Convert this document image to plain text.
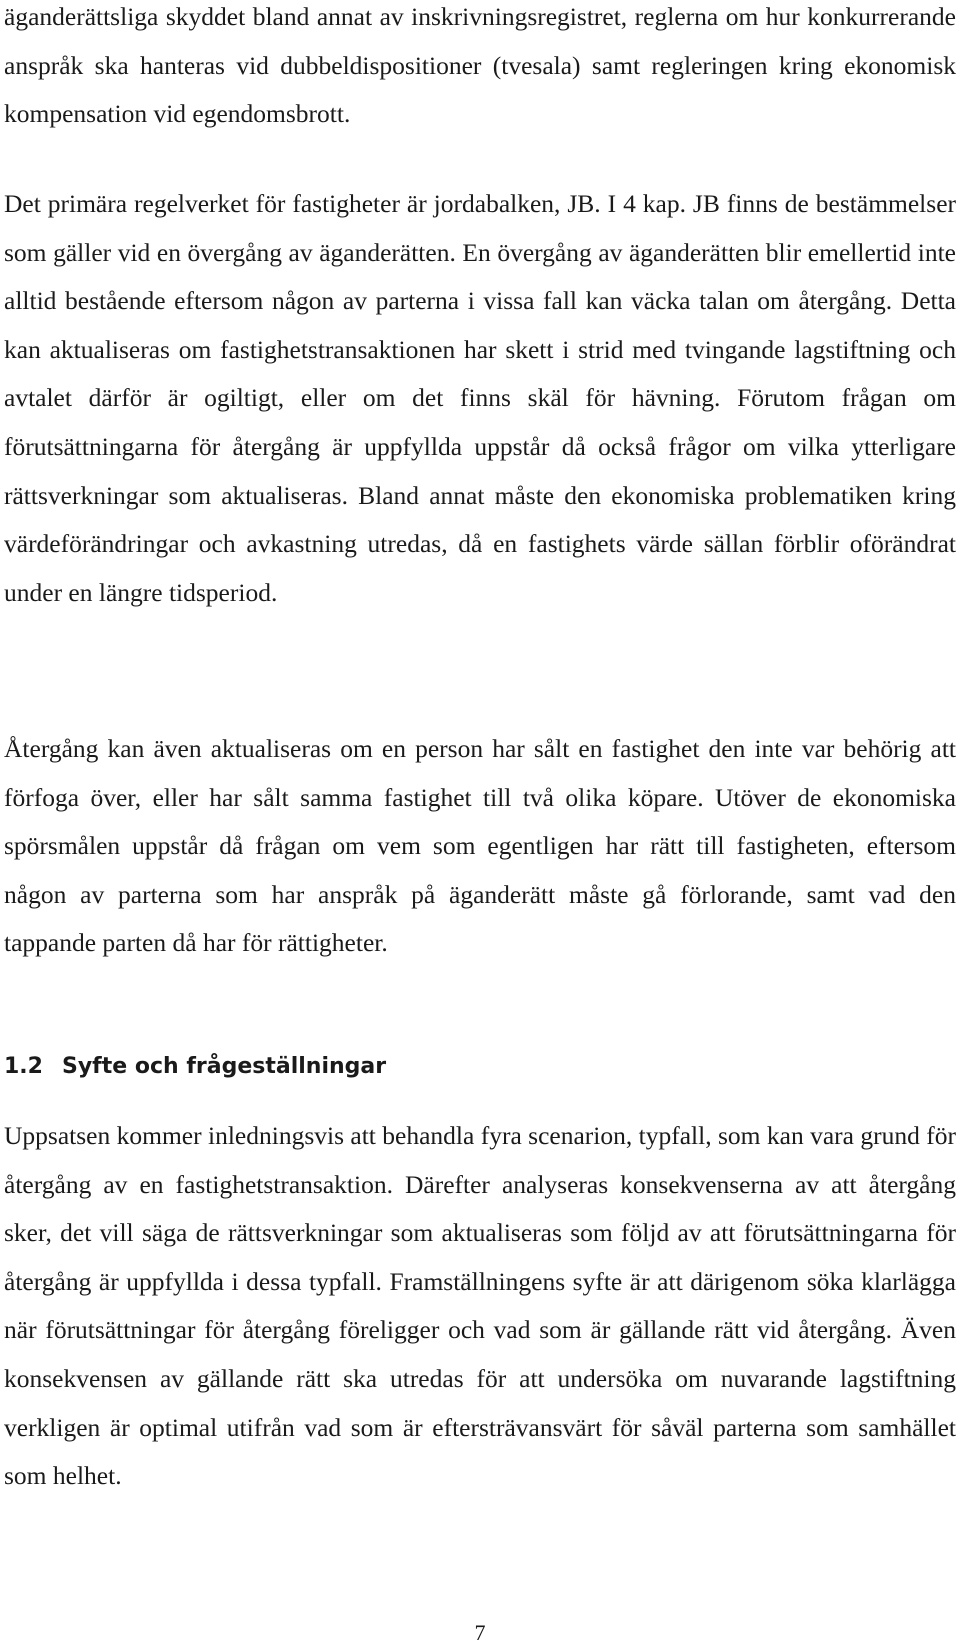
äganderättsliga skyddet bland annat av inskrivningsregistret, reglerna om hur konkurrerande anspråk ska hanteras vid dubbeldispositioner (tvesala) samt regleringen kring ekonomisk kompensation vid egendomsbrott.

Det primära regelverket för fastigheter är jordabalken, JB. I 4 kap. JB finns de bestämmelser som gäller vid en övergång av äganderätten. En övergång av äganderätten blir emellertid inte alltid bestående eftersom någon av parterna i vissa fall kan väcka talan om återgång. Detta kan aktualiseras om fastighetstransaktionen har skett i strid med tvingande lagstiftning och avtalet därför är ogiltigt, eller om det finns skäl för hävning. Förutom frågan om förutsättningarna för återgång är uppfyllda uppstår då också frågor om vilka ytterligare rättsverkningar som aktualiseras. Bland annat måste den ekonomiska problematiken kring värdeförändringar och avkastning utredas, då en fastighets värde sällan förblir oförändrat under en längre tidsperiod.

Återgång kan även aktualiseras om en person har sålt en fastighet den inte var behörig att förfoga över, eller har sålt samma fastighet till två olika köpare. Utöver de ekonomiska spörsmålen uppstår då frågan om vem som egentligen har rätt till fastigheten, eftersom någon av parterna som har anspråk på äganderätt måste gå förlorande, samt vad den tappande parten då har för rättigheter.

1.2 Syfte och frågeställningar

Uppsatsen kommer inledningsvis att behandla fyra scenarion, typfall, som kan vara grund för återgång av en fastighetstransaktion. Därefter analyseras konsekvenserna av att återgång sker, det vill säga de rättsverkningar som aktualiseras som följd av att förutsättningarna för återgång är uppfyllda i dessa typfall. Framställningens syfte är att därigenom söka klarlägga när förutsättningar för återgång föreligger och vad som är gällande rätt vid återgång. Även konsekvensen av gällande rätt ska utredas för att undersöka om nuvarande lagstiftning verkligen är optimal utifrån vad som är eftersträvansvärt för såväl parterna som samhället som helhet.

7
